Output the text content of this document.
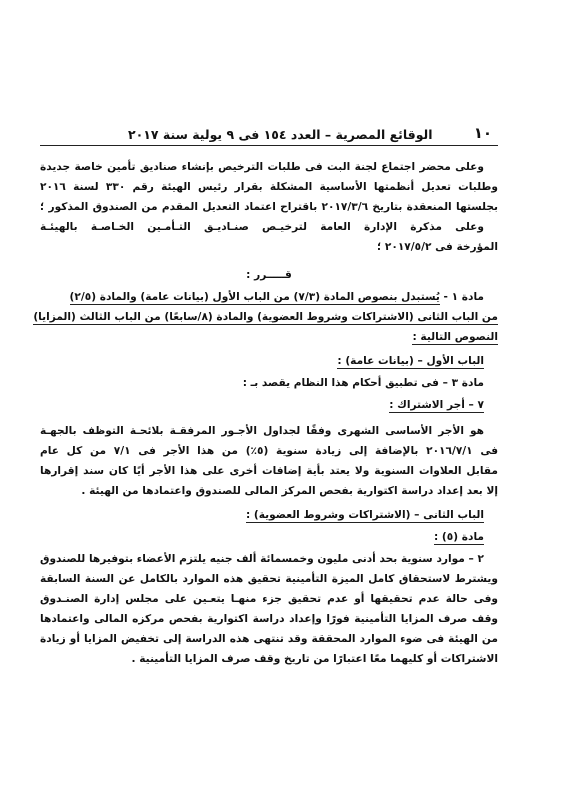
١٠
الوقائع المصرية – العدد ١٥٤ فى ٩ يولية سنة ٢٠١٧
وعلى محضر اجتماع لجنة البت فى طلبات الترخيص بإنشاء صناديق تأمين خاصة جديدة
وطلبات تعديل أنظمتها الأساسية المشكلة بقرار رئيس الهيئة رقم ٣٣٠ لسنة ٢٠١٦
بجلستها المنعقدة بتاريخ ٢٠١٧/٣/٦ باقتراح اعتماد التعديل المقدم من الصندوق المذكور ؛
وعلى مذكرة الإدارة العامة لترخيـص صنـاديـق التـأمـين الخـاصـة بالهيئـة
المؤرخة فى ٢٠١٧/٥/٢ ؛
قـــــرر :
مادة ١ - يُستبدل بنصوص المادة (٧/٣) من الباب الأول (بيانات عامة) والمادة (٢/٥)
من الباب الثانى (الاشتراكات وشروط العضوية) والمادة (٨/سابعًا) من الباب الثالث (المزايا)
النصوص التالية :
الباب الأول – (بيانات عامة) :
مادة ٣ – فى تطبيق أحكام هذا النظام يقصد بـ :
٧ – أجر الاشتراك :
هو الأجر الأساسى الشهرى وفقًا لجداول الأجـور المرفقـة بلائحـة التوظف بالجهـة
فى ٢٠١٦/٧/١ بالإضافة إلى زيادة سنوية (٥٪) من هذا الأجر فى ٧/١ من كل عام
مقابل العلاوات السنوية ولا يعتد بأية إضافات أخرى على هذا الأجر أيًا كان سند إقرارها
إلا بعد إعداد دراسة اكتوارية بفحص المركز المالى للصندوق واعتمادها من الهيئة .
الباب الثانى – (الاشتراكات وشروط العضوية) :
مادة (٥) :
٢ – موارد سنوية بحد أدنى مليون وخمسمائة ألف جنيه يلتزم الأعضاء بتوفيرها للصندوق
ويشترط لاستحقاق كامل الميزة التأمينية تحقيق هذه الموارد بالكامل عن السنة السابقة
وفى حالة عدم تحقيقها أو عدم تحقيق جزء منهـا يتعـين على مجلس إدارة الصنـدوق
وقف صرف المزايا التأمينية فورًا وإعداد دراسة اكتوارية بفحص مركزه المالى واعتمادها
من الهيئة فى ضوء الموارد المحققة وقد تنتهى هذه الدراسة إلى تخفيض المزايا أو زيادة
الاشتراكات أو كليهما معًا اعتبارًا من تاريخ وقف صرف المزايا التأمينية .
